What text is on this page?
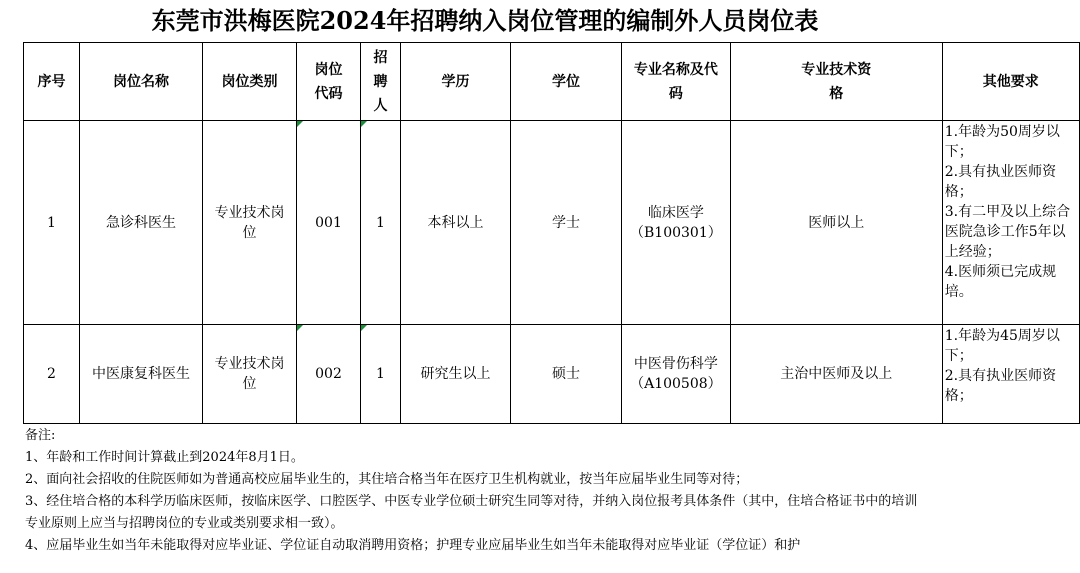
东莞市洪梅医院2024年招聘纳入岗位管理的编制外人员岗位表
序号	岗位名称	岗位类别	岗位代码	招聘人	学历	学位	专业名称及代码	专业技术资格	其他要求
1	急诊科医生	专业技术岗位	001	1	本科以上	学士	临床医学（B100301）	医师以上	1.年龄为50周岁以下；
2.具有执业医师资格；
3.有二甲及以上综合医院急诊工作5年以上经验；
4.医师须已完成规培。

2	中医康复科医生	专业技术岗位	002	1	研究生以上	硕士	中医骨伤科学（A100508）	主治中医师及以上	1.年龄为45周岁以下；
2.具有执业医师资格；
备注:
1、年龄和工作时间计算截止到2024年8月1日。
2、面向社会招收的住院医师如为普通高校应届毕业生的，其住培合格当年在医疗卫生机构就业，按当年应届毕业生同等对待；
3、经住培合格的本科学历临床医师，按临床医学、口腔医学、中医专业学位硕士研究生同等对待，并纳入岗位报考具体条件（其中，住培合格证书中的培训专业原则上应当与招聘岗位的专业或类别要求相一致）。
4、应届毕业生如当年未能取得对应毕业证、学位证自动取消聘用资格；护理专业应届毕业生如当年未能取得对应毕业证（学位证）和护
